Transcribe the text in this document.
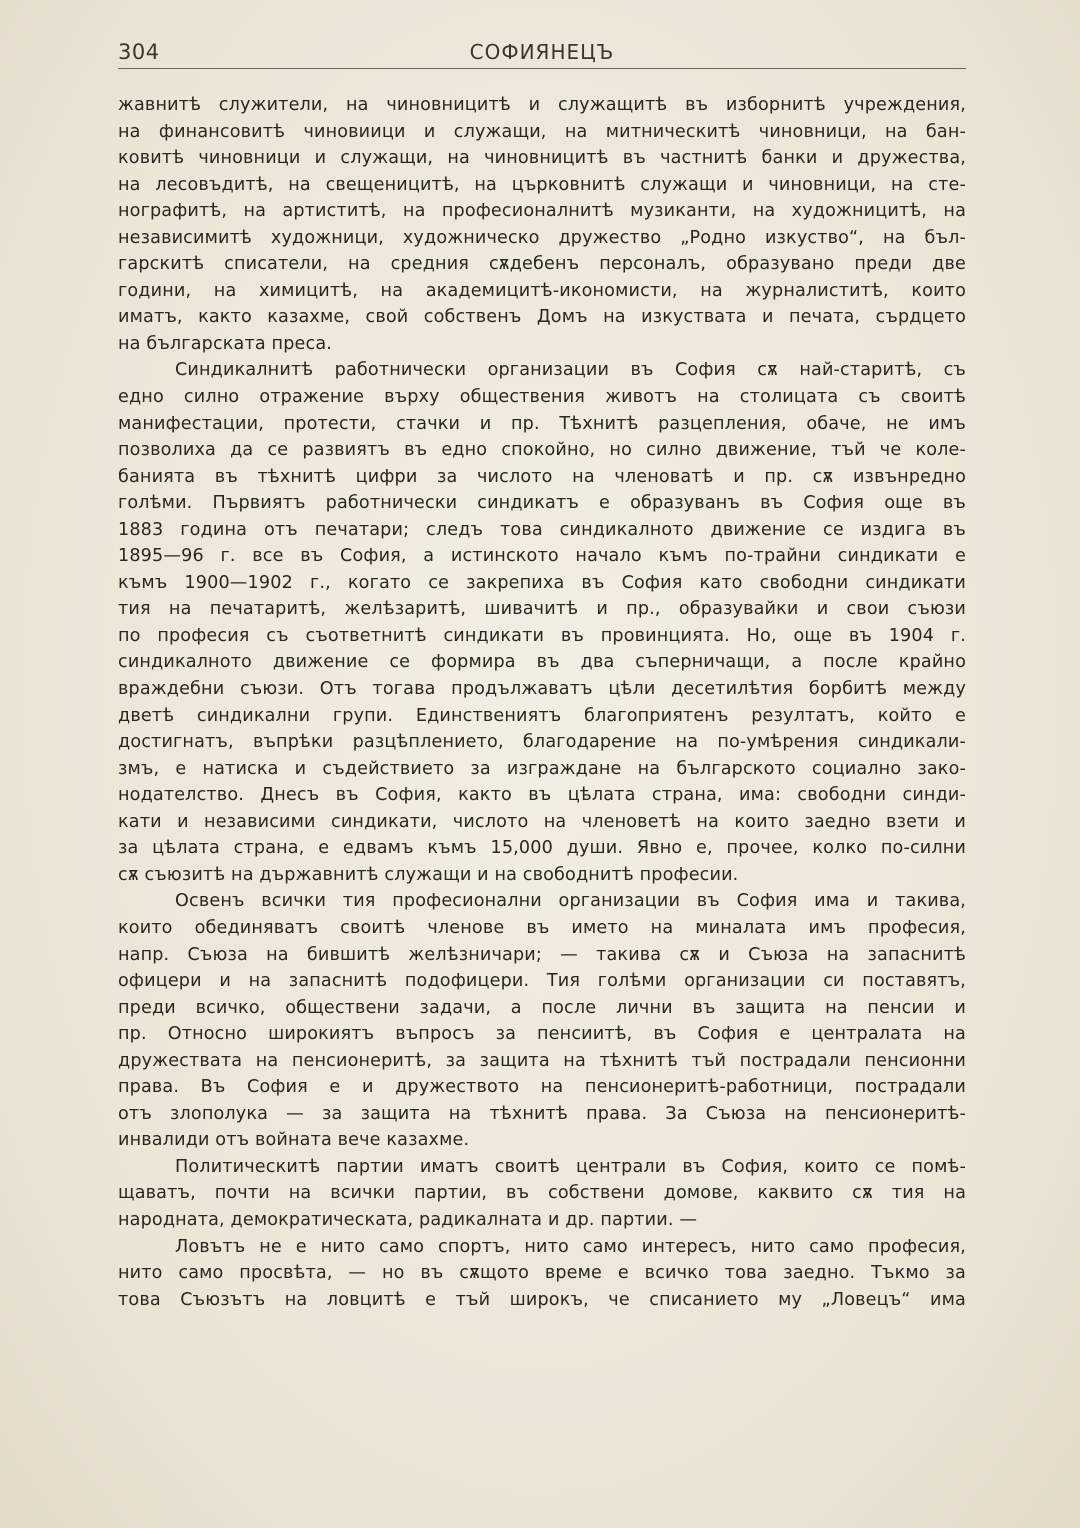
304	СОФИЯНЕЦЪ
жавнитѣ служители, на чиновницитѣ и служащитѣ въ изборнитѣ учреждения,
на финансовитѣ чиновиици и служащи, на митническитѣ чиновници, на бан-
ковитѣ чиновници и служащи, на чиновницитѣ въ частнитѣ банки и дружества,
на лесовъдитѣ, на свещеницитѣ, на църковнитѣ служащи и чиновници, на сте-
нографитѣ, на артиститѣ, на професионалнитѣ музиканти, на художницитѣ, на
независимитѣ художници, художническо дружество „Родно изкуство“, на бъл-
гарскитѣ списатели, на средния сѫдебенъ персоналъ, образувано преди две
години, на химицитѣ, на академицитѣ-икономисти, на журналиститѣ, които
иматъ, както казахме, свой собственъ Домъ на изкуствата и печата, сърдцето
на българската преса.
Синдикалнитѣ работнически организации въ София сѫ най-старитѣ, съ
едно силно отражение върху обществения животъ на столицата съ своитѣ
манифестации, протести, стачки и пр. Тѣхнитѣ разцепления, обаче, не имъ
позволиха да се развиятъ въ едно спокойно, но силно движение, тъй че коле-
банията въ тѣхнитѣ цифри за числото на членоватѣ и пр. сѫ извънредно
голѣми. Първиятъ работнически синдикатъ е образуванъ въ София още въ
1883 година отъ печатари; следъ това синдикалното движение се издига въ
1895—96 г. все въ София, а истинското начало къмъ по-трайни синдикати е
къмъ 1900—1902 г., когато се закрепиха въ София като свободни синдикати
тия на печатаритѣ, желѣзаритѣ, шивачитѣ и пр., образувайки и свои съюзи
по професия съ съответнитѣ синдикати въ провинцията. Но, още въ 1904 г.
синдикалното движение се формира въ два съперничащи, а после крайно
враждебни съюзи. Отъ тогава продължаватъ цѣли десетилѣтия борбитѣ между
двeтѣ синдикални групи. Единствениятъ благоприятенъ резултатъ, който е
достигнатъ, въпрѣки разцѣплението, благодарение на по-умѣрения синдикали-
змъ, е натиска и съдействието за изграждане на българското социално зако-
нодателство. Днесъ въ София, както въ цѣлата страна, има: свободни синди-
кати и независими синдикати, числото на членоветѣ на които заедно взети и
за цѣлата страна, е едвамъ къмъ 15,000 души. Явно е, прочее, колко по-силни
сѫ съюзитѣ на държавнитѣ служащи и на свободнитѣ професии.
Освенъ всички тия професионални организации въ София има и такива,
които обединяватъ своитѣ членове въ името на миналата имъ професия,
напр. Съюза на бившитѣ желѣзничари; — такива сѫ и Съюза на запаснитѣ
офицери и на запаснитѣ подофицери. Тия голѣми организации си поставятъ,
преди всичко, обществени задачи, а после лични въ защита на пенсии и
пр. Относно широкиятъ въпросъ за пенсиитѣ, въ София е централата на
дружествата на пенсионеритѣ, за защита на тѣхнитѣ тъй пострадали пенсионни
права. Въ София е и дружеството на пенсионеритѣ-работници, пострадали
отъ злополука — за защита на тѣхнитѣ права. За Съюза на пенсионеритѣ-
инвалиди отъ войната вече казахме.
Политическитѣ партии иматъ своитѣ централи въ София, които се помѣ-
щаватъ, почти на всички партии, въ собствени домове, каквито сѫ тия на
народната, демократическата, радикалната и др. партии. —
Ловътъ не е нито само спортъ, нито само интересъ, нито само професия,
нито само просвѣта, — но въ сѫщото време е всичко това заедно. Тъкмо за
това Съюзътъ на ловцитѣ е тъй широкъ, че списанието му „Ловецъ“ има
